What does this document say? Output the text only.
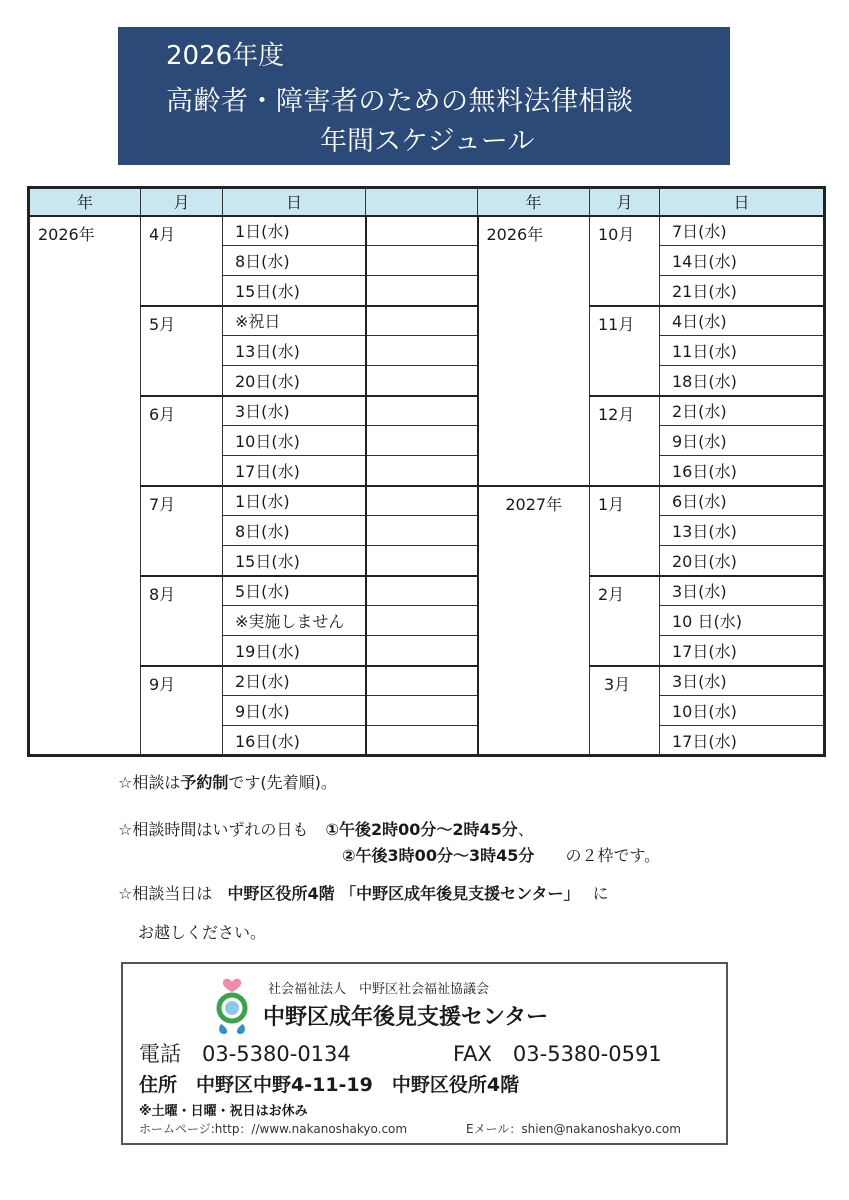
2026年度
高齢者・障害者のための無料法律相談
年間スケジュール
年	月	日		年	月	日
2026年	4月	1日(水)		2026年	10月	7日(水)
		8日(水)				14日(水)
		15日(水)				21日(水)
	5月	※祝日			11月	4日(水)
		13日(水)				11日(水)
		20日(水)				18日(水)
	6月	3日(水)			12月	2日(水)
		10日(水)				9日(水)
		17日(水)				16日(水)
	7月	1日(水)		2027年	1月	6日(水)
		8日(水)				13日(水)
		15日(水)				20日(水)
	8月	5日(水)			2月	3日(水)
		※実施しません				10 日(水)
		19日(水)				17日(水)
	9月	2日(水)			3月	3日(水)
		9日(水)				10日(水)
		16日(水)				17日(水)
☆相談は予約制です(先着順)。
☆相談時間はいずれの日も ①午後2時00分～2時45分、
②午後3時00分～3時45分 の２枠です。
☆相談当日は 中野区役所4階 「中野区成年後見支援センター」 に
お越しください。
社会福祉法人　中野区社会福祉協議会
中野区成年後見支援センター
電話　03-5380-0134	FAX　03-5380-0591
住所　中野区中野4-11-19　中野区役所4階
※土曜・日曜・祝日はお休み
ホームページ:http：//www.nakanoshakyo.com	Eメール：shien@nakanoshakyo.com
